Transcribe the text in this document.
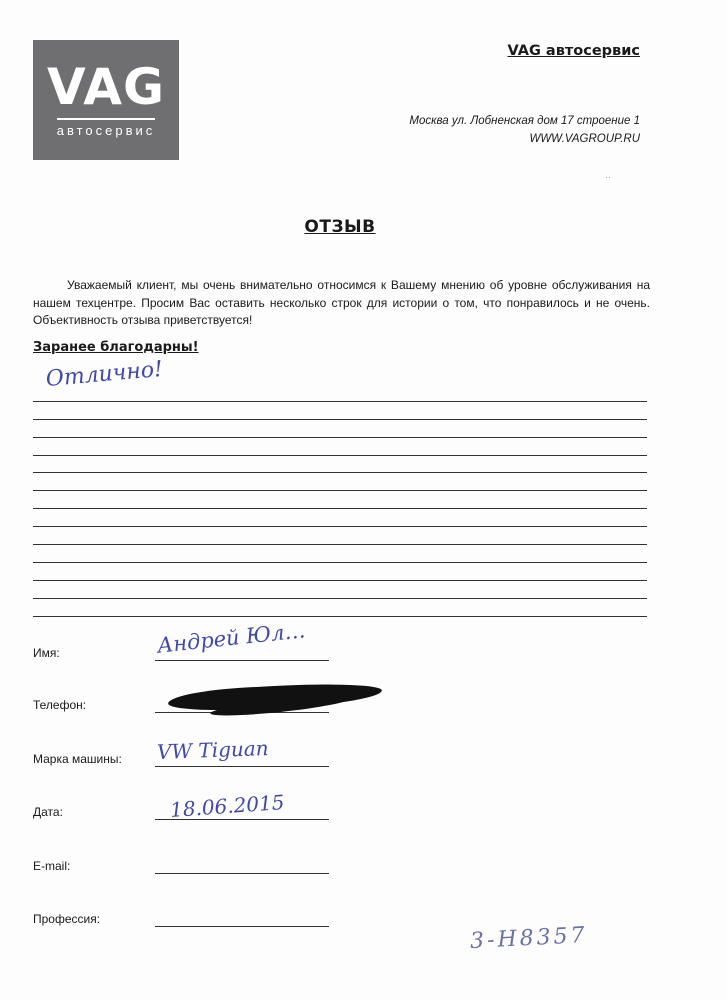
VAG
автосервис
VAG автосервис
Москва ул. Лобненская дом 17 строение 1
WWW.VAGROUP.RU
··
ОТЗЫВ
Уважаемый клиент, мы очень внимательно относимся к Вашему мнению об уровне обслуживания на нашем техцентре. Просим Вас оставить несколько строк для истории о том, что понравилось и не очень. Объективность отзыва приветствуется!
Заранее благодарны!
Отлично!
Имя:	Андрей Юл…
Телефон:
Марка машины: VW Tiguan
Дата:	18.06.2015
E-mail:
Профессия:
3-Н8357
